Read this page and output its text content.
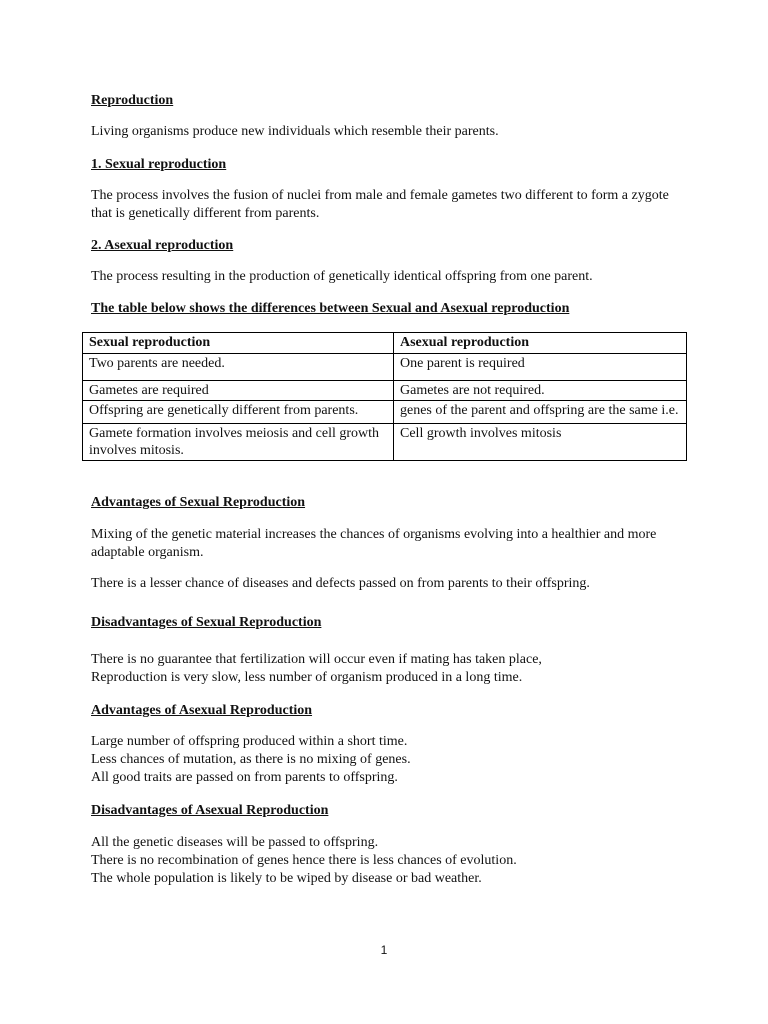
Reproduction
Living organisms produce new individuals which resemble their parents.
1. Sexual reproduction
The process involves the fusion of nuclei from male and female gametes two different to form a zygote
that is genetically different from parents.
2. Asexual reproduction
The process resulting in the production of genetically identical offspring from one parent.
The table below shows the differences between Sexual and Asexual reproduction
Sexual reproduction	Asexual reproduction
Two parents are needed.	One parent is required
Gametes are required	Gametes are not required.
Offspring are genetically different from parents.	genes of the parent and offspring are the same i.e.
Gamete formation involves meiosis and cell growth involves mitosis.	Cell growth involves mitosis
Advantages of Sexual Reproduction
Mixing of the genetic material increases the chances of organisms evolving into a healthier and more
adaptable organism.
There is a lesser chance of diseases and defects passed on from parents to their offspring.
Disadvantages of Sexual Reproduction
There is no guarantee that fertilization will occur even if mating has taken place,
Reproduction is very slow, less number of organism produced in a long time.
Advantages of Asexual Reproduction
Large number of offspring produced within a short time.
Less chances of mutation, as there is no mixing of genes.
All good traits are passed on from parents to offspring.
Disadvantages of Asexual Reproduction
All the genetic diseases will be passed to offspring.
There is no recombination of genes hence there is less chances of evolution.
The whole population is likely to be wiped by disease or bad weather.
1
